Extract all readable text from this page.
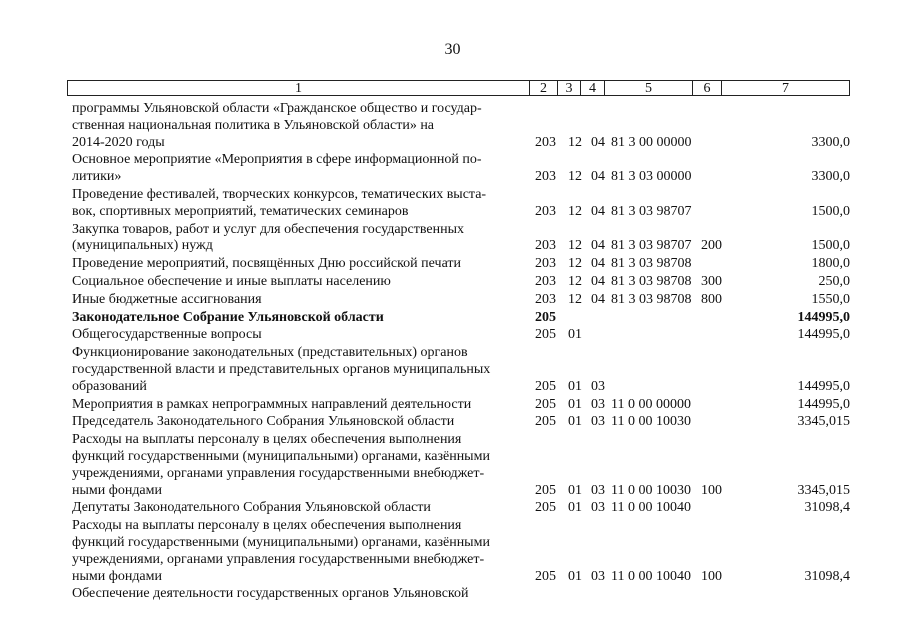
30
1	2	3	4	5	6	7
программы Ульяновской области «Гражданское общество и государ-
ственная национальная политика в Ульяновской области» на
2014-2020 годы	203 12 04 81 3 00 00000	3300,0
Основное мероприятие «Мероприятия в сфере информационной по-
литики»	203 12 04 81 3 03 00000	3300,0
Проведение фестивалей, творческих конкурсов, тематических выста-
вок, спортивных мероприятий, тематических семинаров	203 12 04 81 3 03 98707	1500,0
Закупка товаров, работ и услуг для обеспечения государственных
(муниципальных) нужд	203 12 04 81 3 03 98707 200	1500,0
Проведение мероприятий, посвящённых Дню российской печати	203 12 04 81 3 03 98708	1800,0
Социальное обеспечение и иные выплаты населению	203 12 04 81 3 03 98708 300	250,0
Иные бюджетные ассигнования	203 12 04 81 3 03 98708 800	1550,0
Законодательное Собрание Ульяновской области	205	144995,0
Общегосударственные вопросы	205 01	144995,0
Функционирование законодательных (представительных) органов
государственной власти и представительных органов муниципальных
образований	205 01 03	144995,0
Мероприятия в рамках непрограммных направлений деятельности	205 01 03 11 0 00 00000	144995,0
Председатель Законодательного Собрания Ульяновской области	205 01 03 11 0 00 10030	3345,015
Расходы на выплаты персоналу в целях обеспечения выполнения
функций государственными (муниципальными) органами, казёнными
учреждениями, органами управления государственными внебюджет-
ными фондами	205 01 03 11 0 00 10030 100	3345,015
Депутаты Законодательного Собрания Ульяновской области	205 01 03 11 0 00 10040	31098,4
Расходы на выплаты персоналу в целях обеспечения выполнения
функций государственными (муниципальными) органами, казёнными
учреждениями, органами управления государственными внебюджет-
ными фондами	205 01 03 11 0 00 10040 100	31098,4
Обеспечение деятельности государственных органов Ульяновской
